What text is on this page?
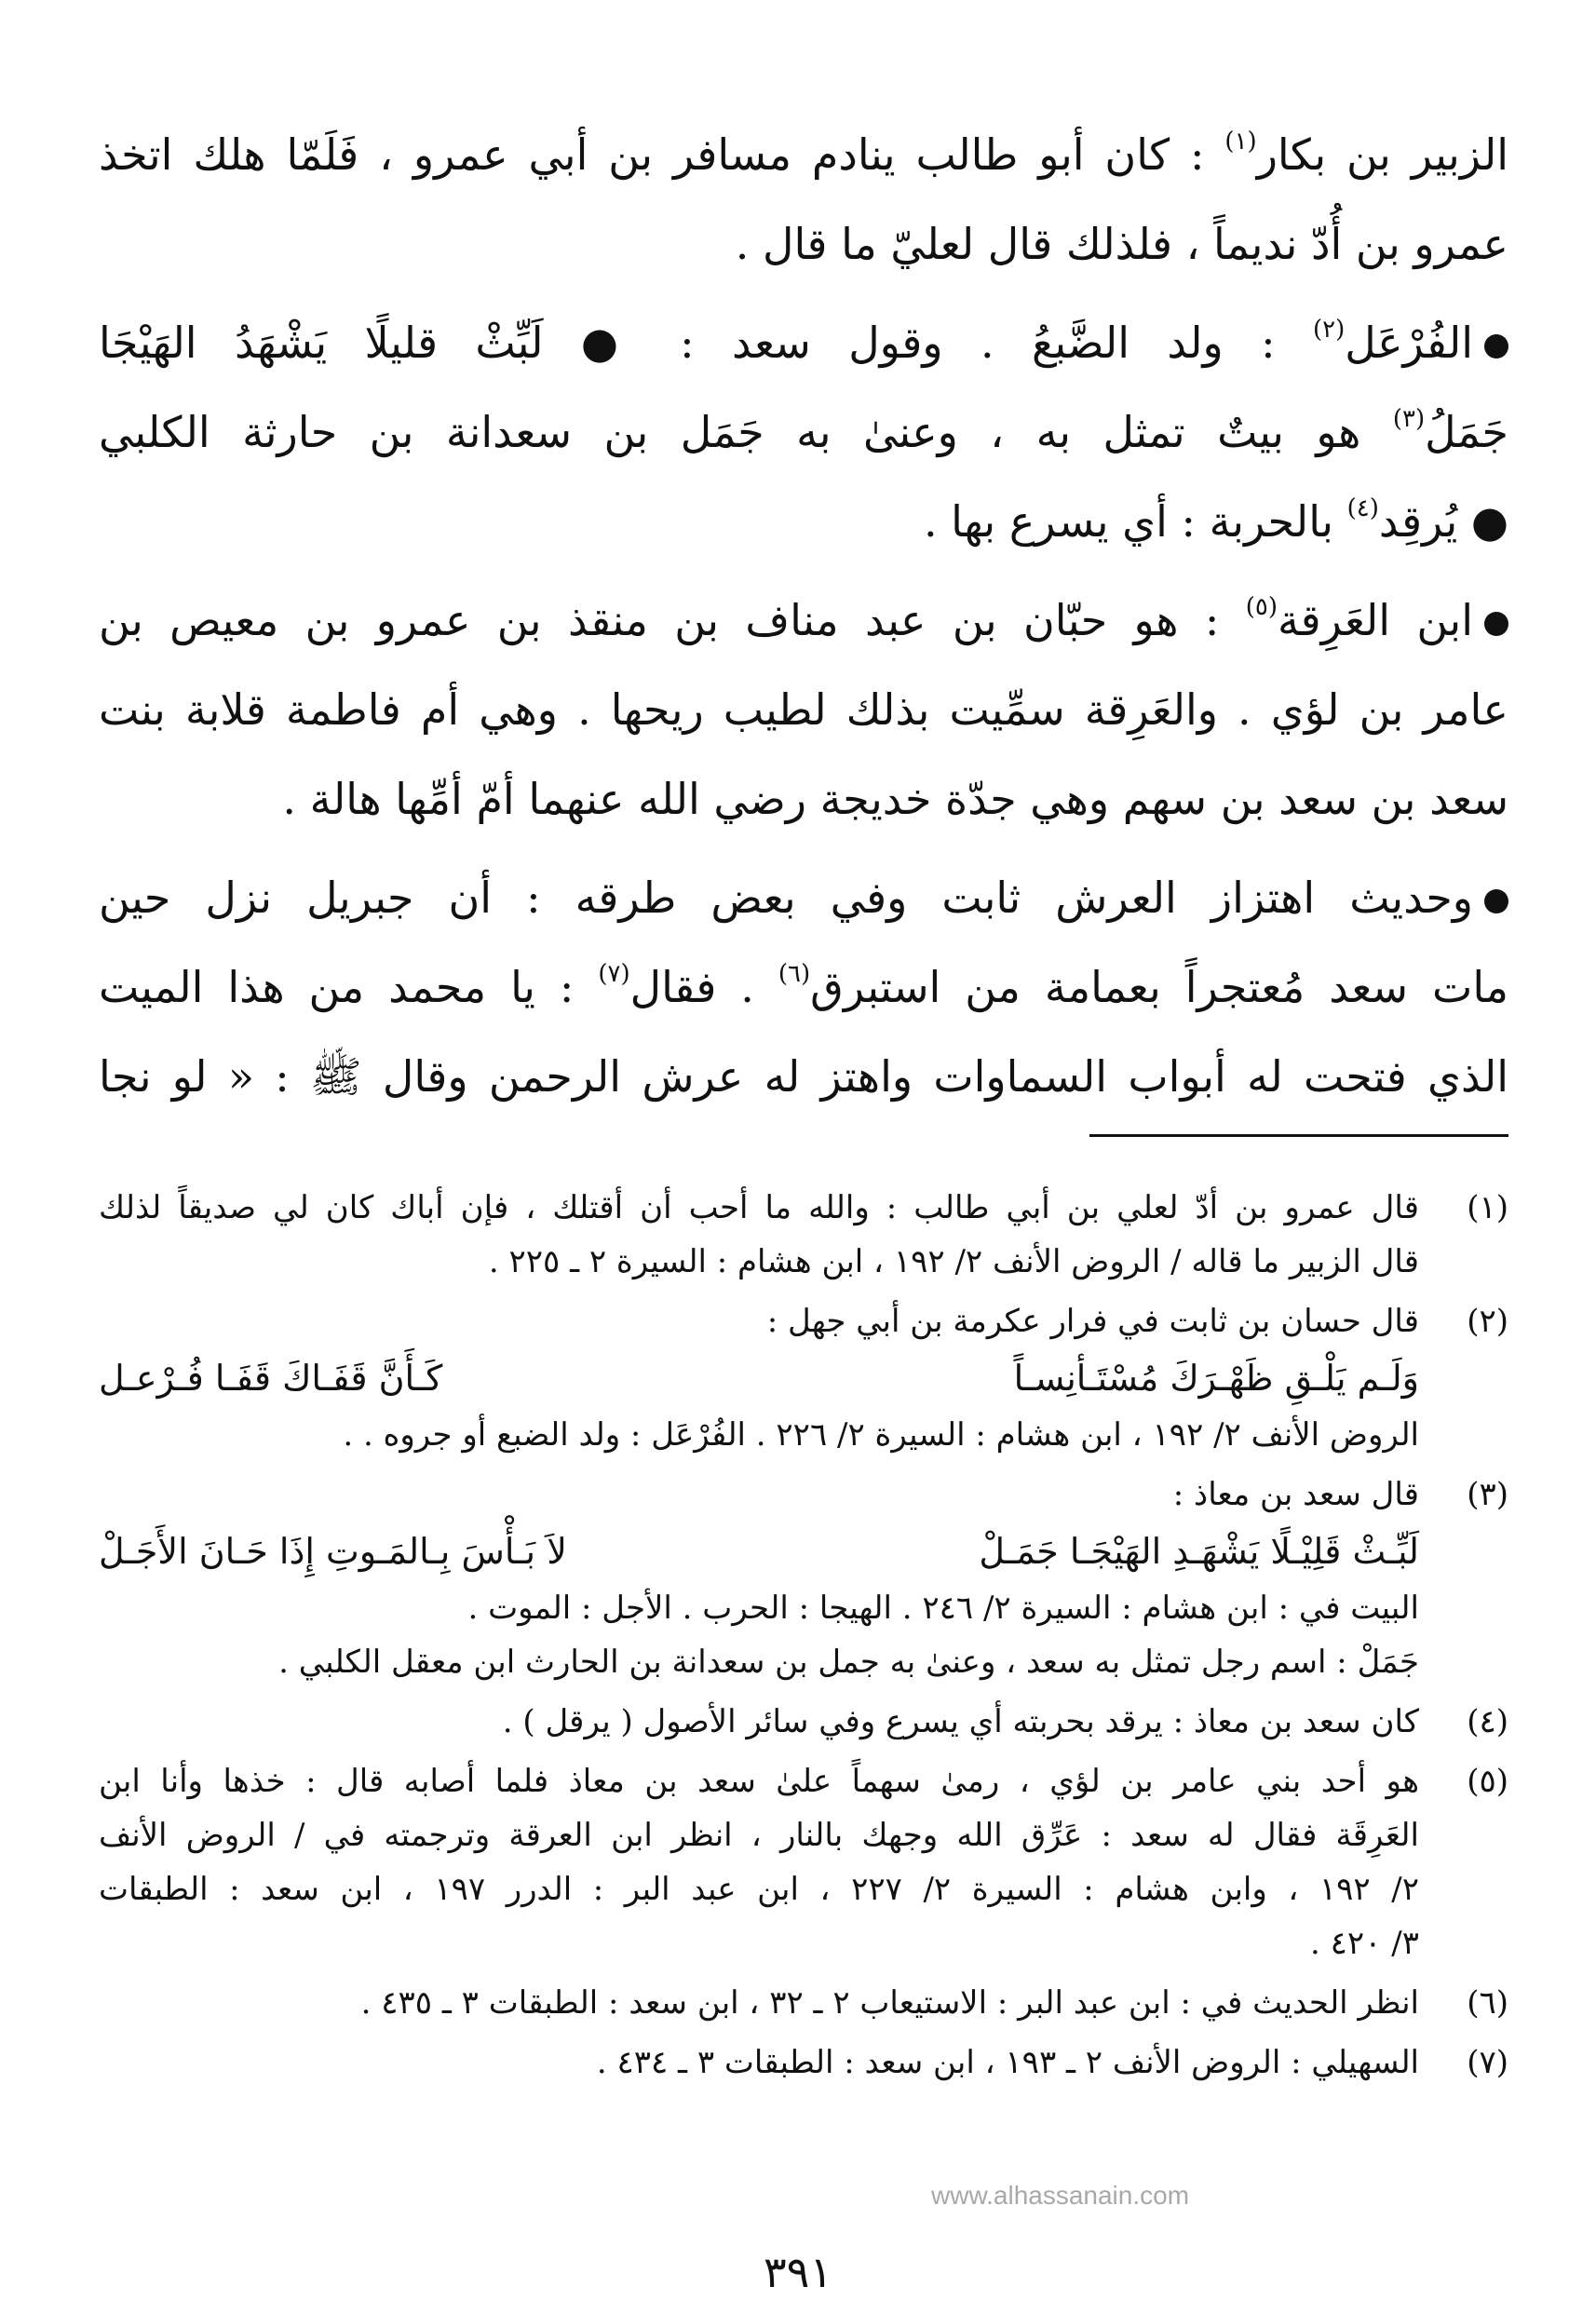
الزبير بن بكار$^{(١)}$ : كان أبو طالب ينادم مسافر بن أبي عمرو ، فَلَمّا هلك اتخذ
عمرو بن أُدّ نديماً ، فلذلك قال لعليّ ما قال .
الفُرْعَل$^{(٢)}$ : ولد الضَّبعُ . وقول سعد : ● لَبِّثْ قليلًا يَشْهَدُ الهَيْجَا
جَمَلُ$^{(٣)}$ هو بيتٌ تمثل به ، وعنىٰ به جَمَل بن سعدانة بن حارثة الكلبي
● يُرقِد$^{(٤)}$ بالحربة : أي يسرع بها .
ابن العَرِقة$^{(٥)}$ : هو حبّان بن عبد مناف بن منقذ بن عمرو بن معيص بن
عامر بن لؤي . والعَرِقة سمِّيت بذلك لطيب ريحها . وهي أم فاطمة قلابة بنت
سعد بن سعد بن سهم وهي جدّة خديجة رضي الله عنهما أمّ أمِّها هالة .
وحديث اهتزاز العرش ثابت وفي بعض طرقه : أن جبريل نزل حين
مات سعد مُعتجراً بعمامة من استبرق$^{(٦)}$ . فقال$^{(٧)}$ : يا محمد من هذا الميت
الذي فتحت له أبواب السماوات واهتز له عرش الرحمن وقال ﷺ : « لو نجا
(١)
قال عمرو بن أدّ لعلي بن أبي طالب : والله ما أحب أن أقتلك ، فإن أباك كان لي صديقاً لذلك
قال الزبير ما قاله / الروض الأنف ٢/ ١٩٢ ، ابن هشام : السيرة ٢ ـ ٢٢٥ .
(٢)
قال حسان بن ثابت في فرار عكرمة بن أبي جهل :
وَلَـم يَلْـقِ ظَهْـرَكَ مُسْتَـأنِسـاً
كَـأَنَّ قَفَـاكَ قَفَـا فُـرْعـل
الروض الأنف ٢/ ١٩٢ ، ابن هشام : السيرة ٢/ ٢٢٦ . الفُرْعَل : ولد الضبع أو جروه . .
(٣)
قال سعد بن معاذ :
لَبِّـثْ قَلِيْـلًا يَشْهَـدِ الهَيْجَـا جَمَـلْ
لاَ بَـأْسَ بِـالمَـوتِ إِذَا حَـانَ الأَجَـلْ
البيت في : ابن هشام : السيرة ٢/ ٢٤٦ . الهيجا : الحرب . الأجل : الموت .
جَمَلْ : اسم رجل تمثل به سعد ، وعنىٰ به جمل بن سعدانة بن الحارث ابن معقل الكلبي .
(٤)
كان سعد بن معاذ : يرقد بحربته أي يسرع وفي سائر الأصول ( يرقل ) .
(٥)
هو أحد بني عامر بن لؤي ، رمىٰ سهماً علىٰ سعد بن معاذ فلما أصابه قال : خذها وأنا ابن
العَرِقَة فقال له سعد : عَرِّق الله وجهك بالنار ، انظر ابن العرقة وترجمته في / الروض الأنف
٢/ ١٩٢ ، وابن هشام : السيرة ٢/ ٢٢٧ ، ابن عبد البر : الدرر ١٩٧ ، ابن سعد : الطبقات
٣/ ٤٢٠ .
(٦)
انظر الحديث في : ابن عبد البر : الاستيعاب ٢ ـ ٣٢ ، ابن سعد : الطبقات ٣ ـ ٤٣٥ .
(٧)
السهيلي : الروض الأنف ٢ ـ ١٩٣ ، ابن سعد : الطبقات ٣ ـ ٤٣٤ .
www.alhassanain.com
٣٩١
